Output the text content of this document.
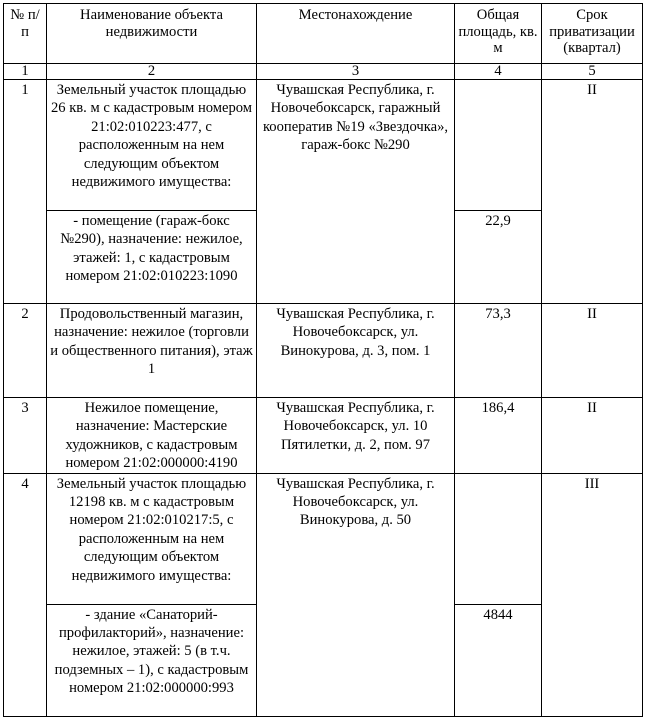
№ п/п	Наименование объекта недвижимости	Местонахождение	Общая площадь, кв. м	Срок приватизации (квартал)
1	2	3	4	5
1	Земельный участок площадью 26 кв. м с кадастровым номером 21:02:010223:477, с расположенным на нем следующим объектом недвижимого имущества:	Чувашская Республика, г. Новочебоксарск, гаражный кооператив №19 «Звездочка», гараж-бокс №290		II
	- помещение (гараж-бокс №290), назначение: нежилое, этажей: 1, с кадастровым номером 21:02:010223:1090		22,9	
2	Продовольственный магазин, назначение: нежилое (торговли и общественного питания), этаж 1	Чувашская Республика, г. Новочебоксарск, ул. Винокурова, д. 3, пом. 1	73,3	II
3	Нежилое помещение, назначение: Мастерские художников, с кадастровым номером 21:02:000000:4190	Чувашская Республика, г. Новочебоксарск, ул. 10 Пятилетки, д. 2, пом. 97	186,4	II
4	Земельный участок площадью 12198 кв. м с кадастровым номером 21:02:010217:5, с расположенным на нем следующим объектом недвижимого имущества:	Чувашская Республика, г. Новочебоксарск, ул. Винокурова, д. 50		III
	- здание «Санаторий-профилакторий», назначение: нежилое, этажей: 5 (в т.ч. подземных – 1), с кадастровым номером 21:02:000000:993		4844	
